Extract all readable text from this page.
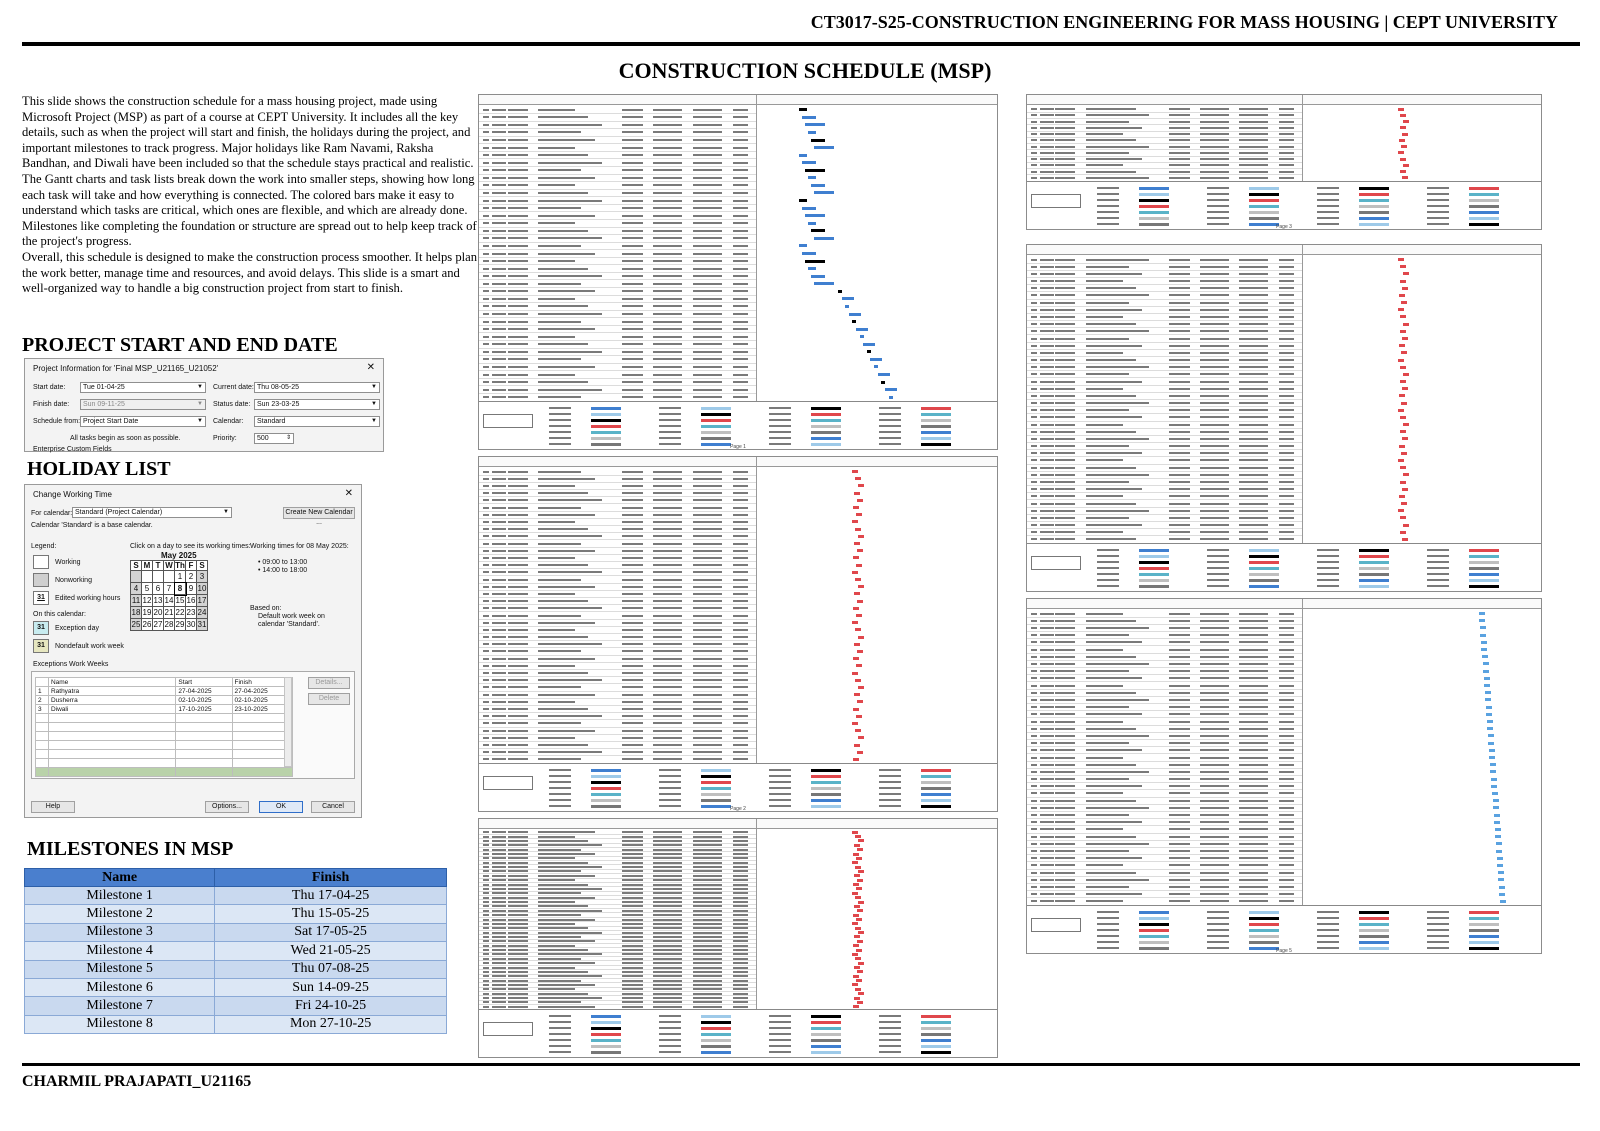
CT3017-S25-CONSTRUCTION ENGINEERING FOR MASS HOUSING | CEPT UNIVERSITY
CONSTRUCTION SCHEDULE (MSP)

This slide shows the construction schedule for a mass housing project, made using Microsoft Project (MSP) as part of a course at CEPT University. It includes all the key details, such as when the project will start and finish, the holidays during the project, and important milestones to track progress. Major holidays like Ram Navami, Raksha Bandhan, and Diwali have been included so that the schedule stays practical and realistic.

The Gantt charts and task lists break down the work into smaller steps, showing how long each task will take and how everything is connected. The colored bars make it easy to understand which tasks are critical, which ones are flexible, and which are already done. Milestones like completing the foundation or structure are spread out to help keep track of the project's progress.

Overall, this schedule is designed to make the construction process smoother. It helps plan the work better, manage time and resources, and avoid delays. This slide is a smart and well-organized way to handle a big construction project from start to finish.

PROJECT START AND END DATE
Project Information for 'Final MSP_U21165_U21052'	✕
Start date:	Tue 01-04-25	▼
Finish date:	Sun 09-11-25	▼
Schedule from: Project Start Date	▼
All tasks begin as soon as possible.
Current date: Thu 08-05-25	▼
Status date: Sun 23-03-25	▼
Calendar:	Standard	▼
Priority:	500	⇕
Enterprise Custom Fields
HOLIDAY LIST
Change Working Time	✕
For calendar: Standard (Project Calendar)	▼	Create New Calendar ...
Calendar 'Standard' is a base calendar.
Legend:
Working
Nonworking
31	Edited working hours
On this calendar:
31	Exception day
31	Nondefault work week
Click on a day to see its working times:
May 2025
S	M	T	W	Th	F	S
				1	2	3
4	5	6	7	8	9	10
11	12	13	14	15	16	17
18	19	20	21	22	23	24
25	26	27	28	29	30	31
Working times for 08 May 2025:
• 09:00 to 13:00
• 14:00 to 18:00
Based on:
Default work week on calendar 'Standard'.
Exceptions Work Weeks
	Name	Start	Finish
1	Rathyatra	27-04-2025	27-04-2025
2	Dusherra	02-10-2025	02-10-2025
3	Diwali	17-10-2025	23-10-2025

Details...
Delete
Help	Options...	OK	Cancel
MILESTONES IN MSP
Name	Finish
Milestone 1	Thu 17-04-25
Milestone 2	Thu 15-05-25
Milestone 3	Sat 17-05-25
Milestone 4	Wed 21-05-25
Milestone 5	Thu 07-08-25
Milestone 6	Sun 14-09-25
Milestone 7	Fri 24-10-25
Milestone 8	Mon 27-10-25
Page 1
Page 2
Page 3
Page 5
CHARMIL PRAJAPATI_U21165
